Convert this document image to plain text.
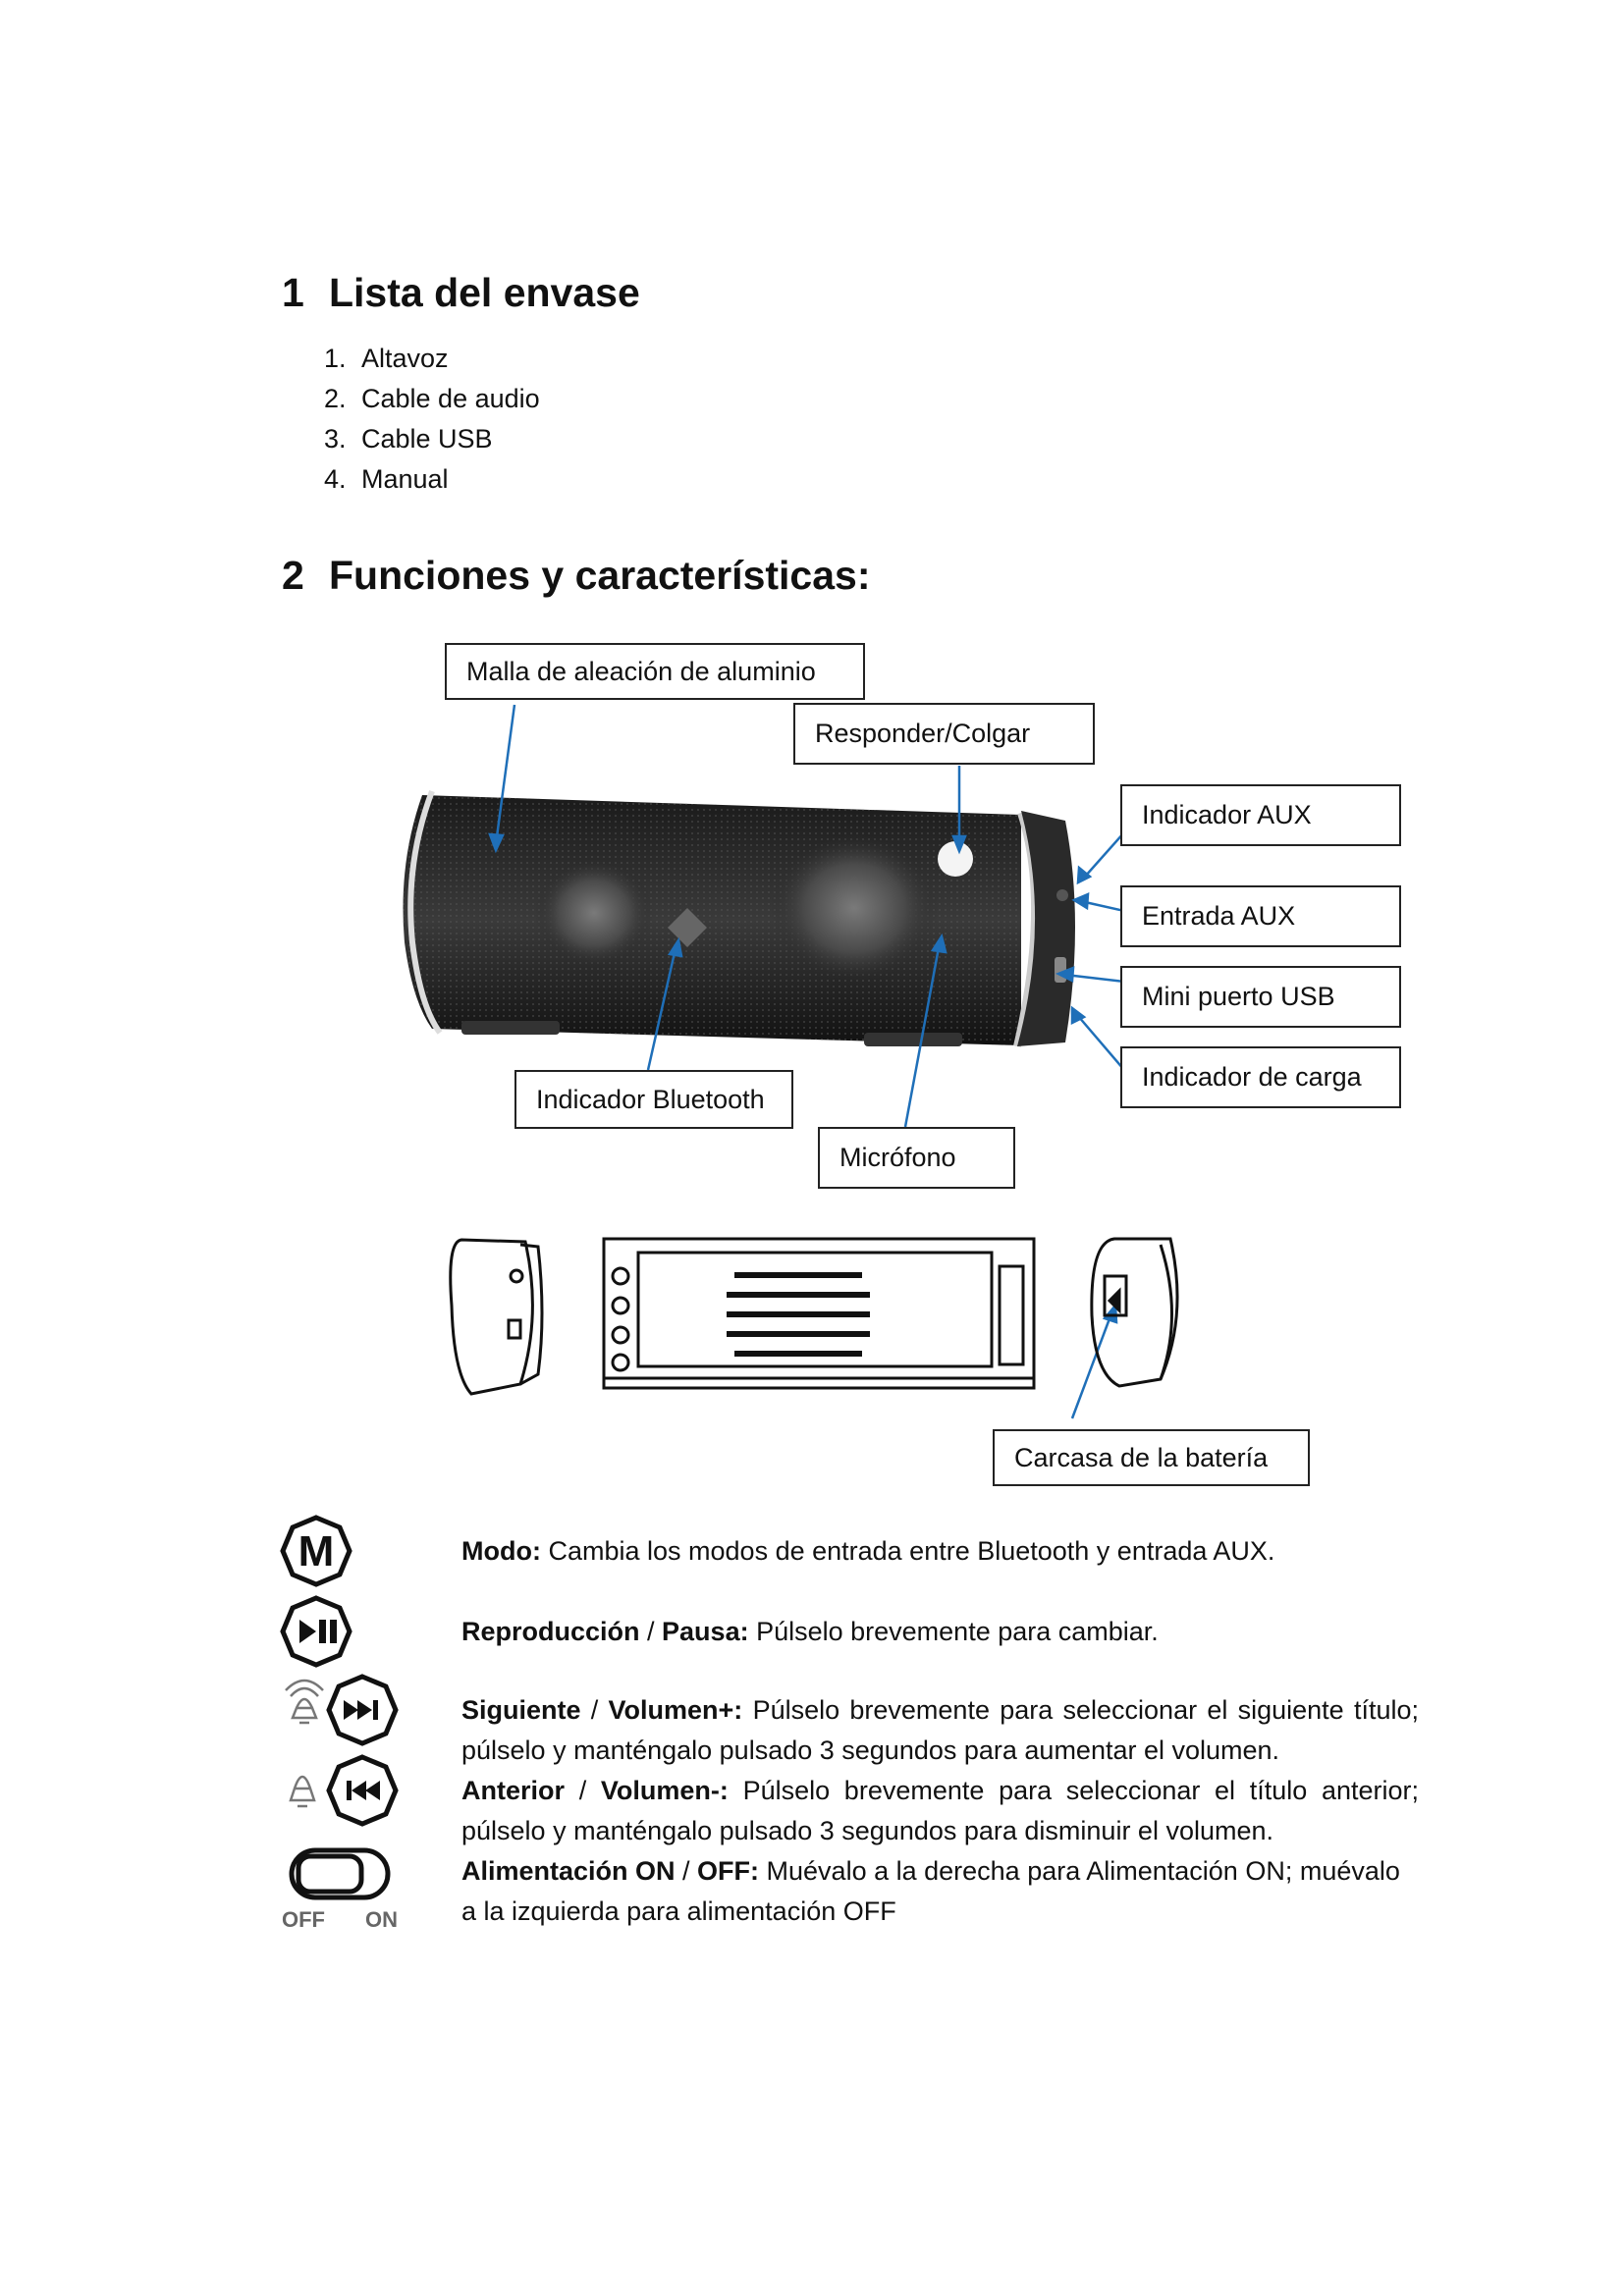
1 Lista del envase
1. Altavoz
2. Cable de audio
3. Cable USB
4. Manual
2 Funciones y características:
Malla de aleación de aluminio
Responder/Colgar
Indicador AUX
Entrada AUX
Mini puerto USB
Indicador de carga
Indicador Bluetooth
Micrófono
Carcasa de la batería
M
OFF ON
Modo: Cambia los modos de entrada entre Bluetooth y entrada AUX.
Reproducción / Pausa: Púlselo brevemente para cambiar.
Siguiente / Volumen+: Púlselo brevemente para seleccionar el siguiente título; púlselo y manténgalo pulsado 3 segundos para aumentar el volumen.
Anterior / Volumen-: Púlselo brevemente para seleccionar el título anterior; púlselo y manténgalo pulsado 3 segundos para disminuir el volumen.
Alimentación ON / OFF: Muévalo a la derecha para Alimentación ON; muévalo a la izquierda para alimentación OFF
